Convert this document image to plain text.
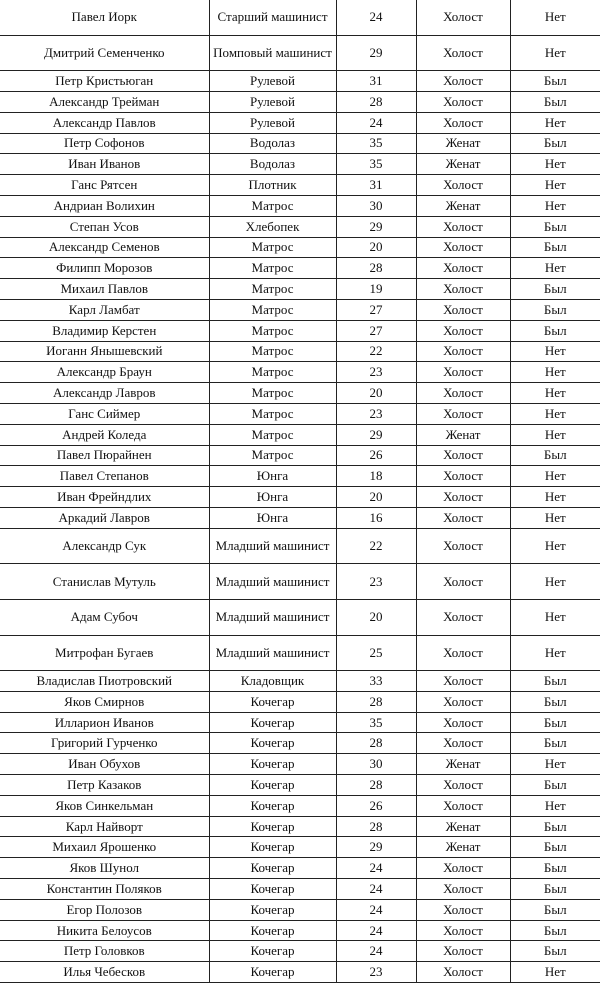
Павел Иорк	Старший машинист	24	Холост	Нет
Дмитрий Семенченко	Помповый машинист	29	Холост	Нет
Петр Кристьюган	Рулевой	31	Холост	Был
Александр Трейман	Рулевой	28	Холост	Был
Александр Павлов	Рулевой	24	Холост	Нет
Петр Софонов	Водолаз	35	Женат	Был
Иван Иванов	Водолаз	35	Женат	Нет
Ганс Рятсен	Плотник	31	Холост	Нет
Андриан Волихин	Матрос	30	Женат	Нет
Степан Усов	Хлебопек	29	Холост	Был
Александр Семенов	Матрос	20	Холост	Был
Филипп Морозов	Матрос	28	Холост	Нет
Михаил Павлов	Матрос	19	Холост	Был
Карл Ламбат	Матрос	27	Холост	Был
Владимир Керстен	Матрос	27	Холост	Был
Иоганн Янышевский	Матрос	22	Холост	Нет
Александр Браун	Матрос	23	Холост	Нет
Александр Лавров	Матрос	20	Холост	Нет
Ганс Сиймер	Матрос	23	Холост	Нет
Андрей Коледа	Матрос	29	Женат	Нет
Павел Пюрайнен	Матрос	26	Холост	Был
Павел Степанов	Юнга	18	Холост	Нет
Иван Фрейндлих	Юнга	20	Холост	Нет
Аркадий Лавров	Юнга	16	Холост	Нет
Александр Сук	Младший машинист	22	Холост	Нет
Станислав Мутуль	Младший машинист	23	Холост	Нет
Адам Субоч	Младший машинист	20	Холост	Нет
Митрофан Бугаев	Младший машинист	25	Холост	Нет
Владислав Пиотровский	Кладовщик	33	Холост	Был
Яков Смирнов	Кочегар	28	Холост	Был
Илларион Иванов	Кочегар	35	Холост	Был
Григорий Гурченко	Кочегар	28	Холост	Был
Иван Обухов	Кочегар	30	Женат	Нет
Петр Казаков	Кочегар	28	Холост	Был
Яков Синкельман	Кочегар	26	Холост	Нет
Карл Найворт	Кочегар	28	Женат	Был
Михаил Ярошенко	Кочегар	29	Женат	Был
Яков Шунол	Кочегар	24	Холост	Был
Константин Поляков	Кочегар	24	Холост	Был
Егор Полозов	Кочегар	24	Холост	Был
Никита Белоусов	Кочегар	24	Холост	Был
Петр Головков	Кочегар	24	Холост	Был
Илья Чебесков	Кочегар	23	Холост	Нет
